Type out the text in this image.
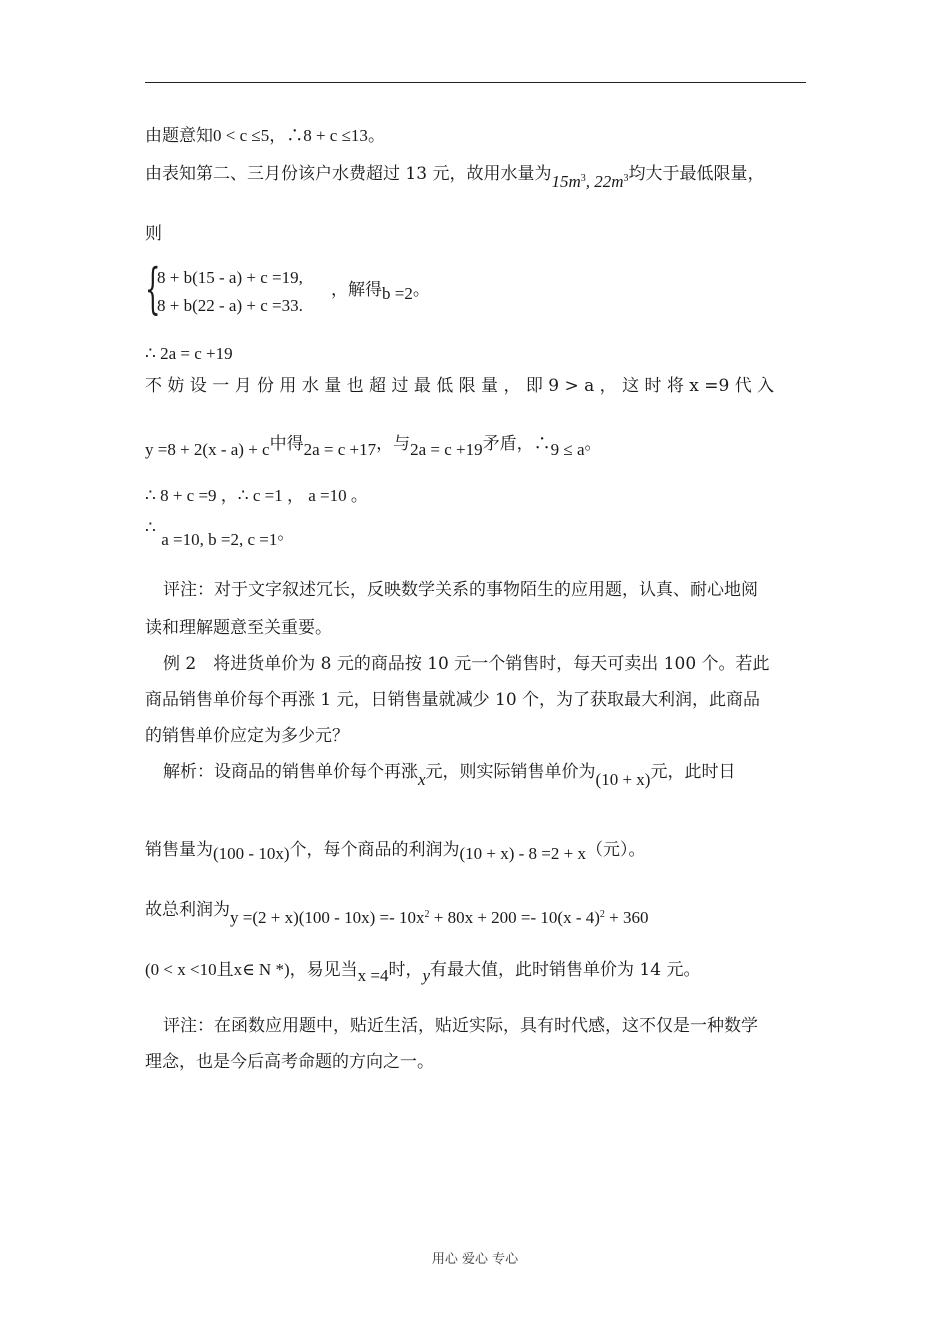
由题意知0 < c ≤5，∴8 + c ≤13。
由表知第二、三月份该户水费超过 13 元，故用水量为$15m^3$, $22m^3$均大于最低限量，
则
{
8 + b(15 - a) + c =19,
8 + b(22 - a) + c =33.
，解得b =2。
∴ 2a = c +19
不 妨 设 一 月 份 用 水 量 也 超 过 最 低 限 量 ， 即 9 > a ， 这 时 将 x =9 代 入
y =8 + 2(x - a) + c中得2a = c +17，与2a = c +19矛盾，∴9 ≤ a。
∴ 8 + c =9 ，∴ c =1 ， a =10 。
∴ a =10, b =2, c =1。
评注：对于文字叙述冗长，反映数学关系的事物陌生的应用题，认真、耐心地阅
读和理解题意至关重要。
例 2　将进货单价为 8 元的商品按 10 元一个销售时，每天可卖出 100 个。若此
商品销售单价每个再涨 1 元，日销售量就减少 10 个，为了获取最大利润，此商品
的销售单价应定为多少元？
解析：设商品的销售单价每个再涨x元，则实际销售单价为(10 + x)元，此时日
销售量为(100 - 10x)个，每个商品的利润为(10 + x) - 8 =2 + x（元）。
故总利润为$y =(2 + x)(100 - 10x) =- 10x^2 + 80x + 200 =- 10(x - 4)^2 + 360$
(0 < x <10且x∈ N *)，易见当x =4时，y有最大值，此时销售单价为 14 元。
评注：在函数应用题中，贴近生活，贴近实际，具有时代感，这不仅是一种数学
理念，也是今后高考命题的方向之一。
用心 爱心 专心
